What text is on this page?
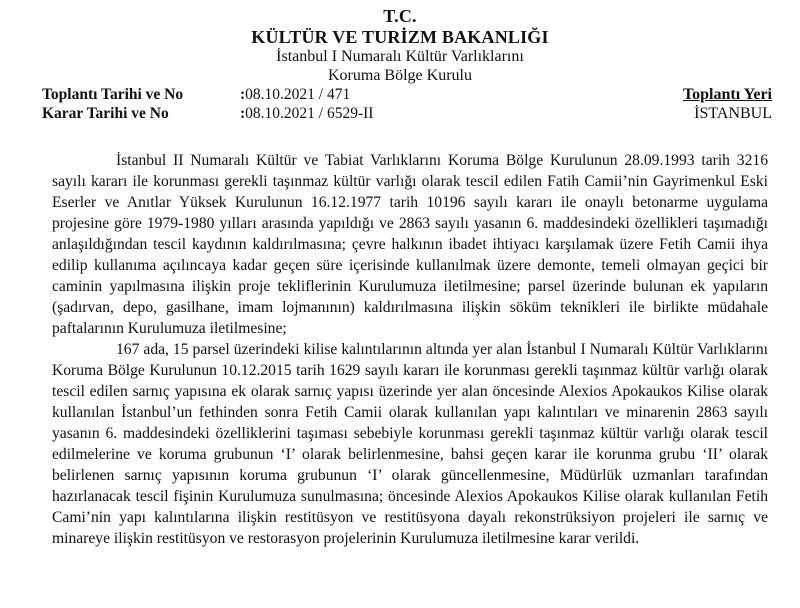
T.C.
KÜLTÜR VE TURİZM BAKANLIĞI
İstanbul I Numaralı Kültür Varlıklarını
Koruma Bölge Kurulu
Toplantı Tarihi ve No	:08.10.2021 / 471
Karar Tarihi ve No	:08.10.2021 / 6529-II
Toplantı Yeri
İSTANBUL

İstanbul II Numaralı Kültür ve Tabiat Varlıklarını Koruma Bölge Kurulunun 28.09.1993 tarih 3216 sayılı kararı ile korunması gerekli taşınmaz kültür varlığı olarak tescil edilen Fatih Camii’nin Gayrimenkul Eski Eserler ve Anıtlar Yüksek Kurulunun 16.12.1977 tarih 10196 sayılı kararı ile onaylı betonarme uygulama projesine göre 1979-1980 yılları arasında yapıldığı ve 2863 sayılı yasanın 6. maddesindeki özellikleri taşımadığı anlaşıldığından tescil kaydının kaldırılmasına; çevre halkının ibadet ihtiyacı karşılamak üzere Fetih Camii ihya edilip kullanıma açılıncaya kadar geçen süre içerisinde kullanılmak üzere demonte, temeli olmayan geçici bir caminin yapılmasına ilişkin proje tekliflerinin Kurulumuza iletilmesine; parsel üzerinde bulunan ek yapıların (şadırvan, depo, gasilhane, imam lojmanının) kaldırılmasına ilişkin söküm teknikleri ile birlikte müdahale paftalarının Kurulumuza iletilmesine;

167 ada, 15 parsel üzerindeki kilise kalıntılarının altında yer alan İstanbul I Numaralı Kültür Varlıklarını Koruma Bölge Kurulunun 10.12.2015 tarih 1629 sayılı kararı ile korunması gerekli taşınmaz kültür varlığı olarak tescil edilen sarnıç yapısına ek olarak sarnıç yapısı üzerinde yer alan öncesinde Alexios Apokaukos Kilise olarak kullanılan İstanbul’un fethinden sonra Fetih Camii olarak kullanılan yapı kalıntıları ve minarenin 2863 sayılı yasanın 6. maddesindeki özelliklerini taşıması sebebiyle korunması gerekli taşınmaz kültür varlığı olarak tescil edilmelerine ve koruma grubunun ‘I’ olarak belirlenmesine, bahsi geçen karar ile korunma grubu ‘II’ olarak belirlenen sarnıç yapısının koruma grubunun ‘I’ olarak güncellenmesine, Müdürlük uzmanları tarafından hazırlanacak tescil fişinin Kurulumuza sunulmasına; öncesinde Alexios Apokaukos Kilise olarak kullanılan Fetih Cami’nin yapı kalıntılarına ilişkin restitüsyon ve restitüsyona dayalı rekonstrüksiyon projeleri ile sarnıç ve minareye ilişkin restitüsyon ve restorasyon projelerinin Kurulumuza iletilmesine karar verildi.
